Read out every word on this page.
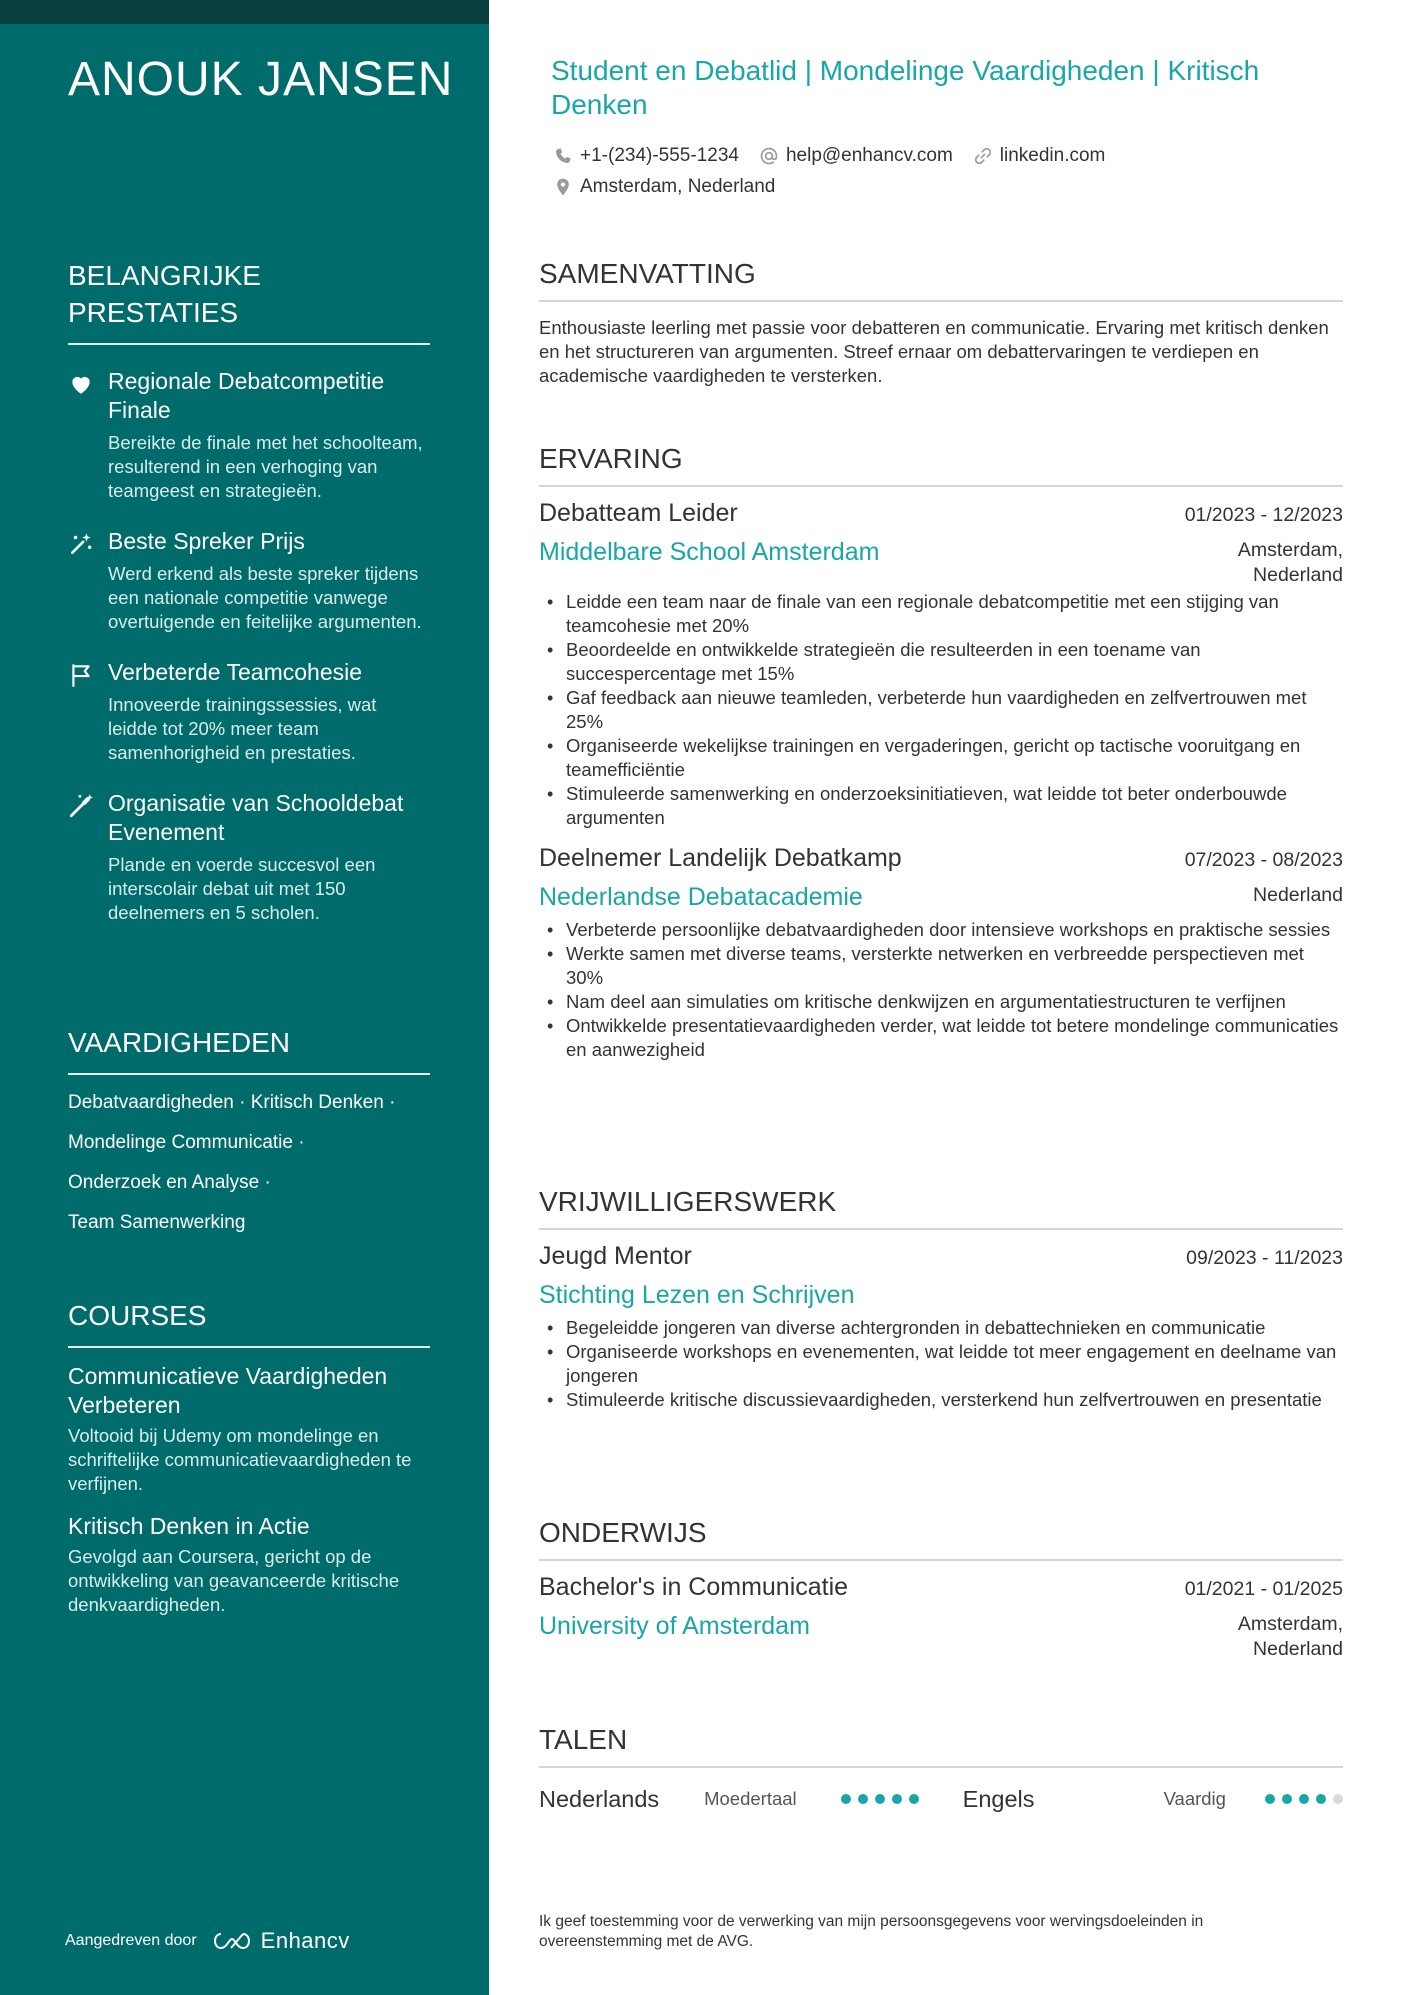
ANOUK JANSEN
BELANGRIJKE PRESTATIES
Regionale Debatcompetitie Finale
Bereikte de finale met het schoolteam, resulterend in een verhoging van teamgeest en strategieën.
Beste Spreker Prijs
Werd erkend als beste spreker tijdens een nationale competitie vanwege overtuigende en feitelijke argumenten.
Verbeterde Teamcohesie
Innoveerde trainingssessies, wat leidde tot 20% meer team samenhorigheid en prestaties.
Organisatie van Schooldebat Evenement
Plande en voerde succesvol een interscolair debat uit met 150 deelnemers en 5 scholen.
VAARDIGHEDEN
Debatvaardigheden · Kritisch Denken ·
Mondelinge Communicatie ·
Onderzoek en Analyse ·
Team Samenwerking
COURSES
Communicatieve Vaardigheden Verbeteren
Voltooid bij Udemy om mondelinge en schriftelijke communicatievaardigheden te verfijnen.
Kritisch Denken in Actie
Gevolgd aan Coursera, gericht op de ontwikkeling van geavanceerde kritische denkvaardigheden.
Aangedreven door	Enhancv
Student en Debatlid | Mondelinge Vaardigheden | Kritisch Denken
+1-(234)-555-1234 help@enhancv.com linkedin.com
Amsterdam, Nederland
SAMENVATTING
Enthousiaste leerling met passie voor debatteren en communicatie. Ervaring met kritisch denken en het structureren van argumenten. Streef ernaar om debattervaringen te verdiepen en academische vaardigheden te versterken.
ERVARING
Debatteam Leider	01/2023 - 12/2023
Middelbare School Amsterdam	Amsterdam, Nederland
• Leidde een team naar de finale van een regionale debatcompetitie met een stijging van teamcohesie met 20%
• Beoordeelde en ontwikkelde strategieën die resulteerden in een toename van succespercentage met 15%
• Gaf feedback aan nieuwe teamleden, verbeterde hun vaardigheden en zelfvertrouwen met 25%
• Organiseerde wekelijkse trainingen en vergaderingen, gericht op tactische vooruitgang en teamefficiëntie
• Stimuleerde samenwerking en onderzoeksinitiatieven, wat leidde tot beter onderbouwde argumenten
Deelnemer Landelijk Debatkamp	07/2023 - 08/2023
Nederlandse Debatacademie	Nederland
• Verbeterde persoonlijke debatvaardigheden door intensieve workshops en praktische sessies
• Werkte samen met diverse teams, versterkte netwerken en verbreedde perspectieven met 30%
• Nam deel aan simulaties om kritische denkwijzen en argumentatiestructuren te verfijnen
• Ontwikkelde presentatievaardigheden verder, wat leidde tot betere mondelinge communicaties en aanwezigheid
VRIJWILLIGERSWERK
Jeugd Mentor	09/2023 - 11/2023
Stichting Lezen en Schrijven
• Begeleidde jongeren van diverse achtergronden in debattechnieken en communicatie
• Organiseerde workshops en evenementen, wat leidde tot meer engagement en deelname van jongeren
• Stimuleerde kritische discussievaardigheden, versterkend hun zelfvertrouwen en presentatie
ONDERWIJS
Bachelor's in Communicatie	01/2021 - 01/2025
University of Amsterdam	Amsterdam, Nederland
TALEN
Nederlands	Moedertaal	Engels	Vaardig
Ik geef toestemming voor de verwerking van mijn persoonsgegevens voor wervingsdoeleinden in overeenstemming met de AVG.
